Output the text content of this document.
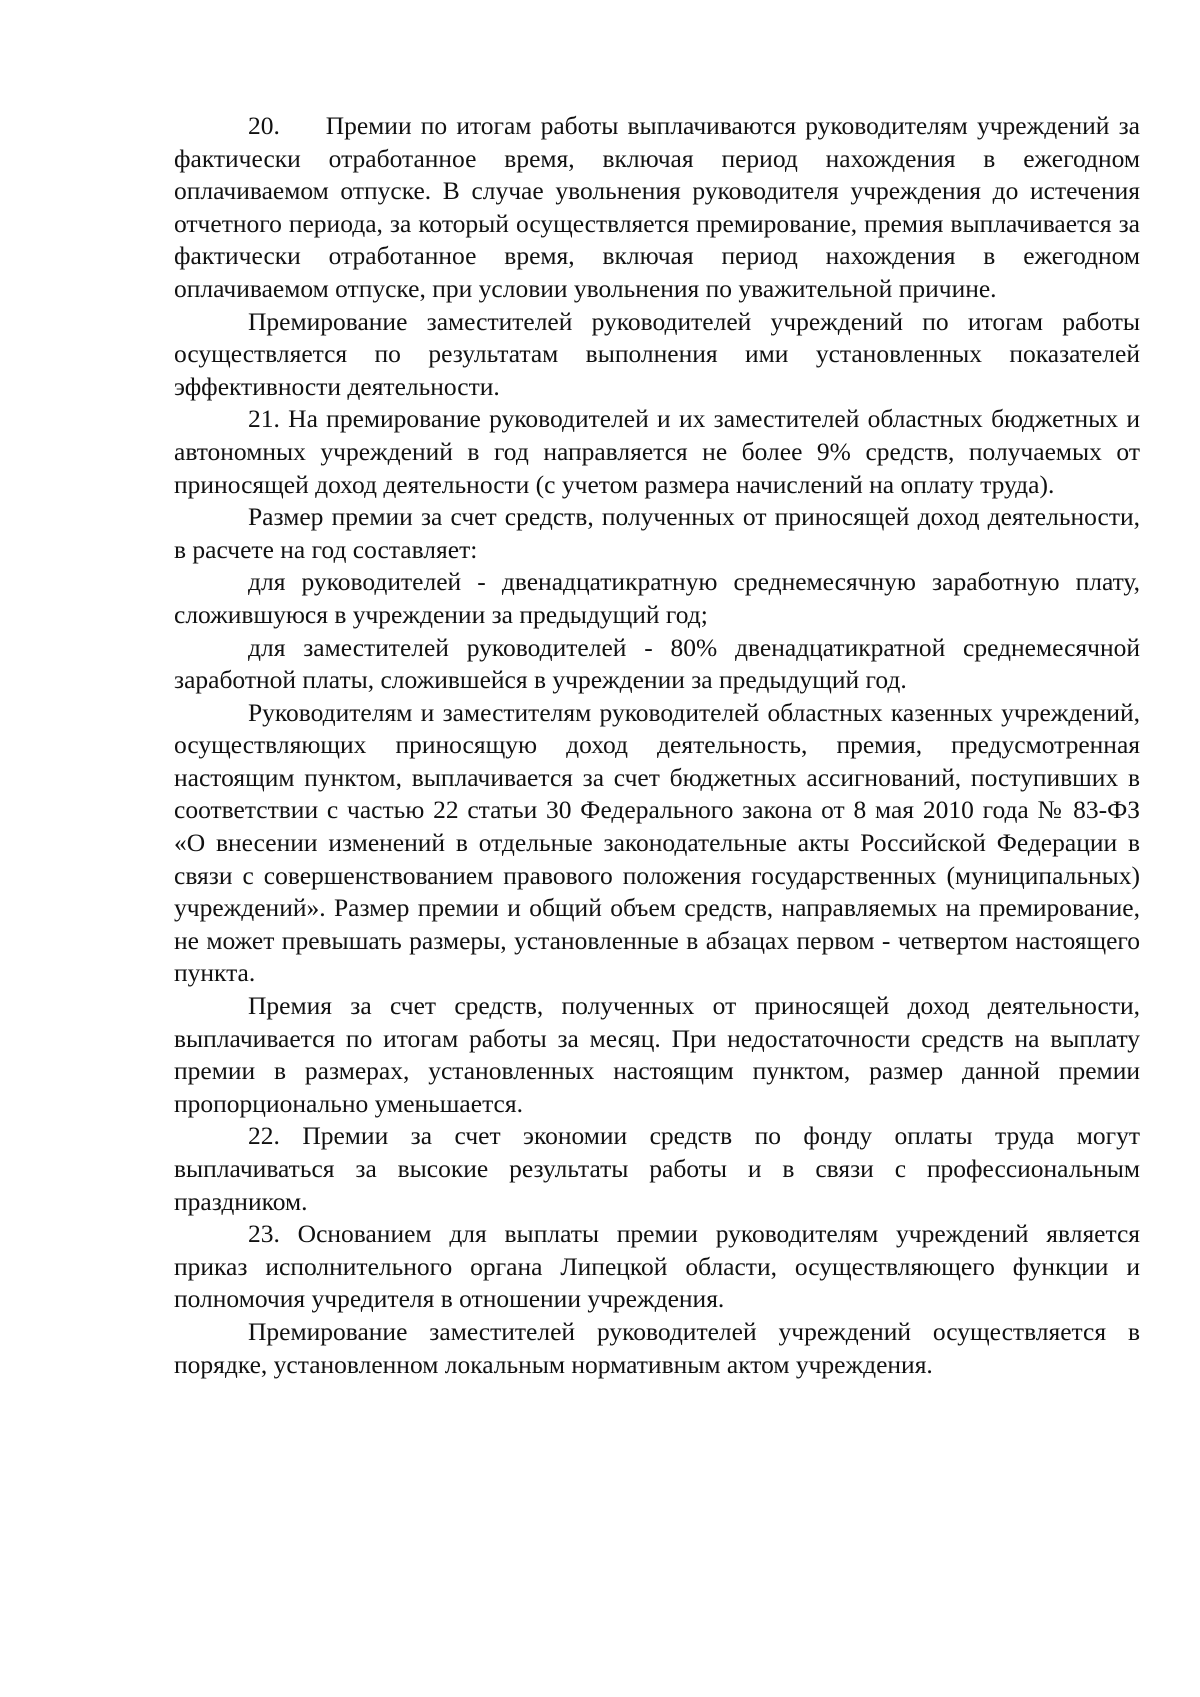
20.     Премии по итогам работы выплачиваются руководителям учреждений за фактически отработанное время, включая период нахождения в ежегодном оплачиваемом отпуске. В случае увольнения руководителя учреждения до истечения отчетного периода, за который осуществляется премирование, премия выплачивается за фактически отработанное время, включая период нахождения в ежегодном оплачиваемом отпуске, при условии увольнения по уважительной причине.

Премирование заместителей руководителей учреждений по итогам работы осуществляется по результатам выполнения ими установленных показателей эффективности деятельности.

21. На премирование руководителей и их заместителей областных бюджетных и автономных учреждений в год направляется не более 9% средств, получаемых от приносящей доход деятельности (с учетом размера начислений на оплату труда).

Размер премии за счет средств, полученных от приносящей доход деятельности, в расчете на год составляет:

для руководителей - двенадцатикратную среднемесячную заработную плату, сложившуюся в учреждении за предыдущий год;

для заместителей руководителей - 80% двенадцатикратной среднемесячной заработной платы, сложившейся в учреждении за предыдущий год.

Руководителям и заместителям руководителей областных казенных учреждений, осуществляющих приносящую доход деятельность, премия, предусмотренная настоящим пунктом, выплачивается за счет бюджетных ассигнований, поступивших в соответствии с частью 22 статьи 30 Федерального закона от 8 мая 2010 года № 83-ФЗ «О внесении изменений в отдельные законодательные акты Российской Федерации в связи с совершенствованием правового положения государственных (муниципальных) учреждений». Размер премии и общий объем средств, направляемых на премирование, не может превышать размеры, установленные в абзацах первом - четвертом настоящего пункта.

Премия за счет средств, полученных от приносящей доход деятельности, выплачивается по итогам работы за месяц. При недостаточности средств на выплату премии в размерах, установленных настоящим пунктом, размер данной премии пропорционально уменьшается.

22. Премии за счет экономии средств по фонду оплаты труда могут выплачиваться за высокие результаты работы и в связи с профессиональным праздником.

23. Основанием для выплаты премии руководителям учреждений является приказ исполнительного органа Липецкой области, осуществляющего функции и полномочия учредителя в отношении учреждения.

Премирование заместителей руководителей учреждений осуществляется в порядке, установленном локальным нормативным актом учреждения.
